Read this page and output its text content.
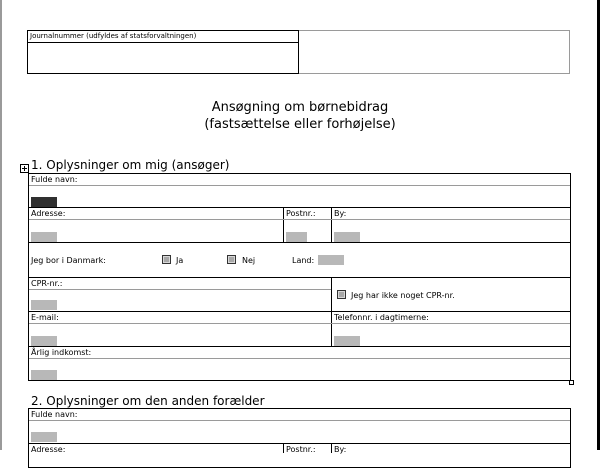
Journalnummer (udfyldes af statsforvaltningen)
Ansøgning om børnebidrag
(fastsættelse eller forhøjelse)
1. Oplysninger om mig (ansøger)
Fulde navn:
Adresse:	Postnr.: By:
Jeg bor i Danmark:	Ja	Nej	Land:
CPR-nr.:
Jeg har ikke noget CPR-nr.
E-mail:	Telefonnr. i dagtimerne:
Årlig indkomst:
2. Oplysninger om den anden forælder
Fulde navn:
Adresse:	Postnr.: By:
